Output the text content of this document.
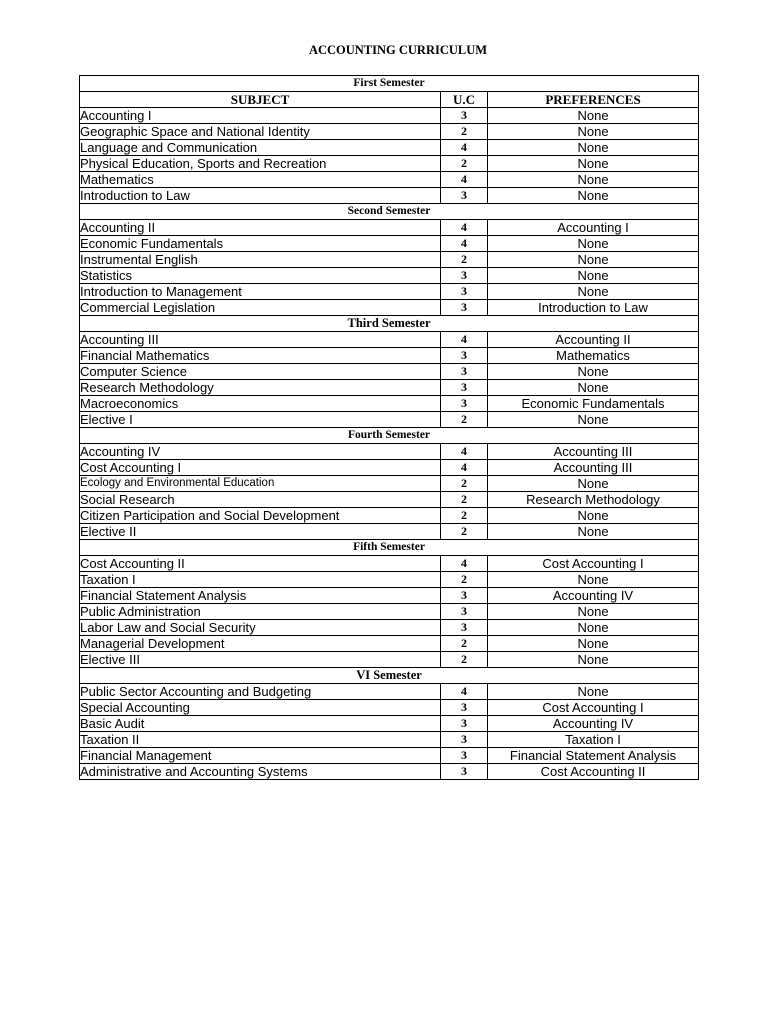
ACCOUNTING CURRICULUM
First Semester		
SUBJECT	U.C	PREFERENCES
Accounting I	3	None
Geographic Space and National Identity	2	None
Language and Communication	4	None
Physical Education, Sports and Recreation	2	None
Mathematics	4	None
Introduction to Law	3	None
Second Semester		
Accounting II	4	Accounting I
Economic Fundamentals	4	None
Instrumental English	2	None
Statistics	3	None
Introduction to Management	3	None
Commercial Legislation	3	Introduction to Law
Third Semester		
Accounting III	4	Accounting II
Financial Mathematics	3	Mathematics
Computer Science	3	None
Research Methodology	3	None
Macroeconomics	3	Economic Fundamentals
Elective I	2	None
Fourth Semester		
Accounting IV	4	Accounting III
Cost Accounting I	4	Accounting III
Ecology and Environmental Education	2	None
Social Research	2	Research Methodology
Citizen Participation and Social Development	2	None
Elective II	2	None
Fifth Semester		
Cost Accounting II	4	Cost Accounting I
Taxation I	2	None
Financial Statement Analysis	3	Accounting IV
Public Administration	3	None
Labor Law and Social Security	3	None
Managerial Development	2	None
Elective III	2	None
VI Semester		
Public Sector Accounting and Budgeting	4	None
Special Accounting	3	Cost Accounting I
Basic Audit	3	Accounting IV
Taxation II	3	Taxation I
Financial Management	3	Financial Statement Analysis
Administrative and Accounting Systems	3	Cost Accounting II
